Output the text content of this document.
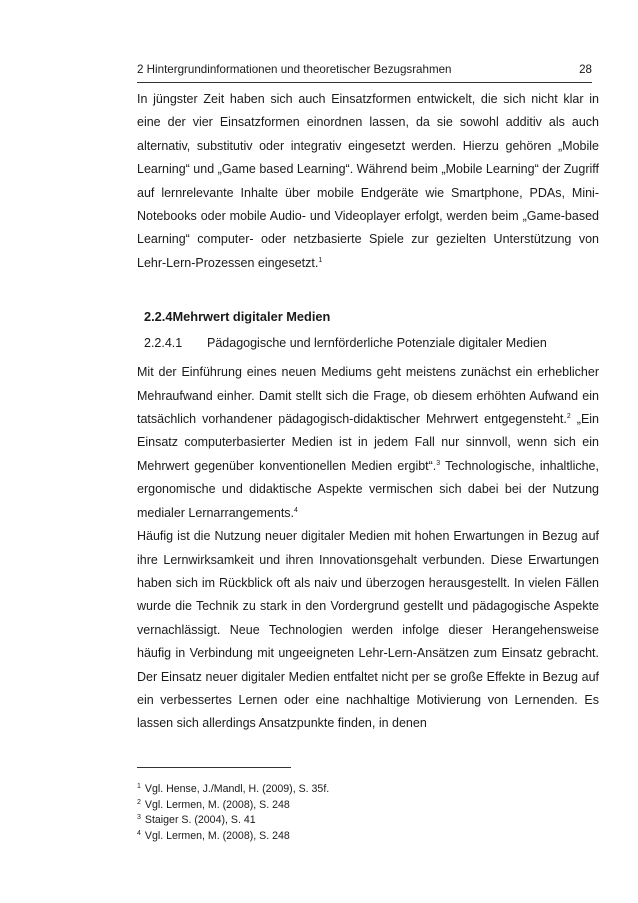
2 Hintergrundinformationen und theoretischer Bezugsrahmen	28

In jüngster Zeit haben sich auch Einsatzformen entwickelt, die sich nicht klar in eine der vier Einsatzformen einordnen lassen, da sie sowohl additiv als auch alternativ, substitutiv oder integrativ eingesetzt werden. Hierzu gehören „Mobile Learning“ und „Game based Learning“. Während beim „Mobile Learning“ der Zugriff auf lernrelevante Inhalte über mobile Endgeräte wie Smartphone, PDAs, Mini-Notebooks oder mobile Audio- und Videoplayer erfolgt, werden beim „Game-based Learning“ computer- oder netzbasierte Spiele zur gezielten Unterstützung von Lehr-Lern-Prozessen eingesetzt.$^1$

2.2.4Mehrwert digitaler Medien
2.2.4.1 Pädagogische und lernförderliche Potenziale digitaler Medien

Mit der Einführung eines neuen Mediums geht meistens zunächst ein erheblicher Mehraufwand einher. Damit stellt sich die Frage, ob diesem erhöhten Aufwand ein tatsächlich vorhandener pädagogisch-didaktischer Mehrwert entgegensteht.$^2$ „Ein Einsatz computerbasierter Medien ist in jedem Fall nur sinnvoll, wenn sich ein Mehrwert gegenüber konventionellen Medien ergibt“.$^3$ Technologische, inhaltliche, ergonomische und didaktische Aspekte vermischen sich dabei bei der Nutzung medialer Lernarrangements.$^4$

Häufig ist die Nutzung neuer digitaler Medien mit hohen Erwartungen in Bezug auf ihre Lernwirksamkeit und ihren Innovationsgehalt verbunden. Diese Erwartungen haben sich im Rückblick oft als naiv und überzogen herausgestellt. In vielen Fällen wurde die Technik zu stark in den Vordergrund gestellt und pädagogische Aspekte vernachlässigt. Neue Technologien werden infolge dieser Herangehensweise häufig in Verbindung mit ungeeigneten Lehr-Lern-Ansätzen zum Einsatz gebracht. Der Einsatz neuer digitaler Medien entfaltet nicht per se große Effekte in Bezug auf ein verbessertes Lernen oder eine nachhaltige Motivierung von Lernenden. Es lassen sich allerdings Ansatzpunkte finden, in denen

$^1$ Vgl. Hense, J./Mandl, H. (2009), S. 35f.
$^2$ Vgl. Lermen, M. (2008), S. 248
$^3$ Staiger S. (2004), S. 41
$^4$ Vgl. Lermen, M. (2008), S. 248
